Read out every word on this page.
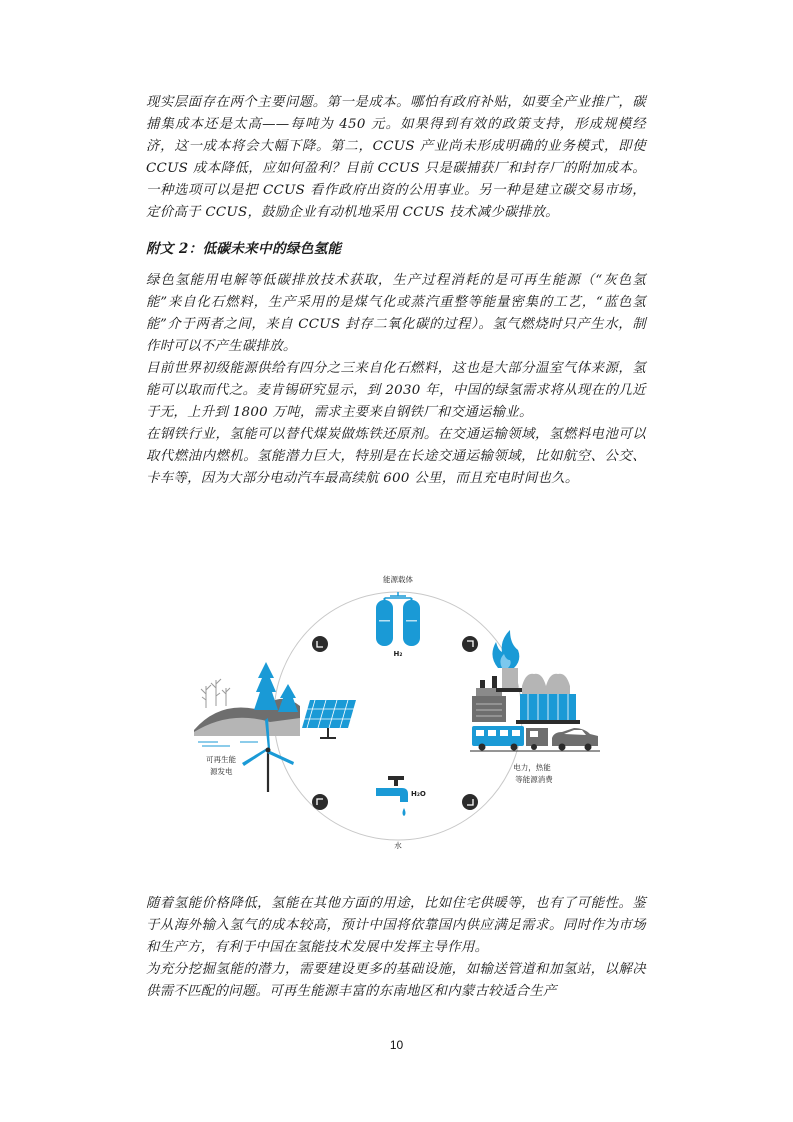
现实层面存在两个主要问题。第一是成本。哪怕有政府补贴，如要全产业推广，碳捕集成本还是太高——每吨为 450 元。如果得到有效的政策支持，形成规模经济，这一成本将会大幅下降。第二，CCUS 产业尚未形成明确的业务模式，即使 CCUS 成本降低，应如何盈利？目前 CCUS 只是碳捕获厂和封存厂的附加成本。一种选项可以是把 CCUS 看作政府出资的公用事业。另一种是建立碳交易市场，定价高于 CCUS，鼓励企业有动机地采用 CCUS 技术减少碳排放。

附文 2：低碳未来中的绿色氢能

绿色氢能用电解等低碳排放技术获取，生产过程消耗的是可再生能源（“灰色氢能”来自化石燃料，生产采用的是煤气化或蒸汽重整等能量密集的工艺，“蓝色氢能”介于两者之间，来自 CCUS 封存二氧化碳的过程）。氢气燃烧时只产生水，制作时可以不产生碳排放。

目前世界初级能源供给有四分之三来自化石燃料，这也是大部分温室气体来源，氢能可以取而代之。麦肯锡研究显示，到 2030 年，中国的绿氢需求将从现在的几近于无，上升到 1800 万吨，需求主要来自钢铁厂和交通运输业。

在钢铁行业，氢能可以替代煤炭做炼铁还原剂。在交通运输领域，氢燃料电池可以取代燃油内燃机。氢能潜力巨大，特别是在长途交通运输领域，比如航空、公交、卡车等，因为大部分电动汽车最高续航 600 公里，而且充电时间也久。

能源载体
H₂
可再生能
源发电	电力，热能
等能源消费
H₂O
水

随着氢能价格降低，氢能在其他方面的用途，比如住宅供暖等，也有了可能性。鉴于从海外输入氢气的成本较高，预计中国将依靠国内供应满足需求。同时作为市场和生产方，有利于中国在氢能技术发展中发挥主导作用。

为充分挖掘氢能的潜力，需要建设更多的基础设施，如输送管道和加氢站，以解决供需不匹配的问题。可再生能源丰富的东南地区和内蒙古较适合生产

10
